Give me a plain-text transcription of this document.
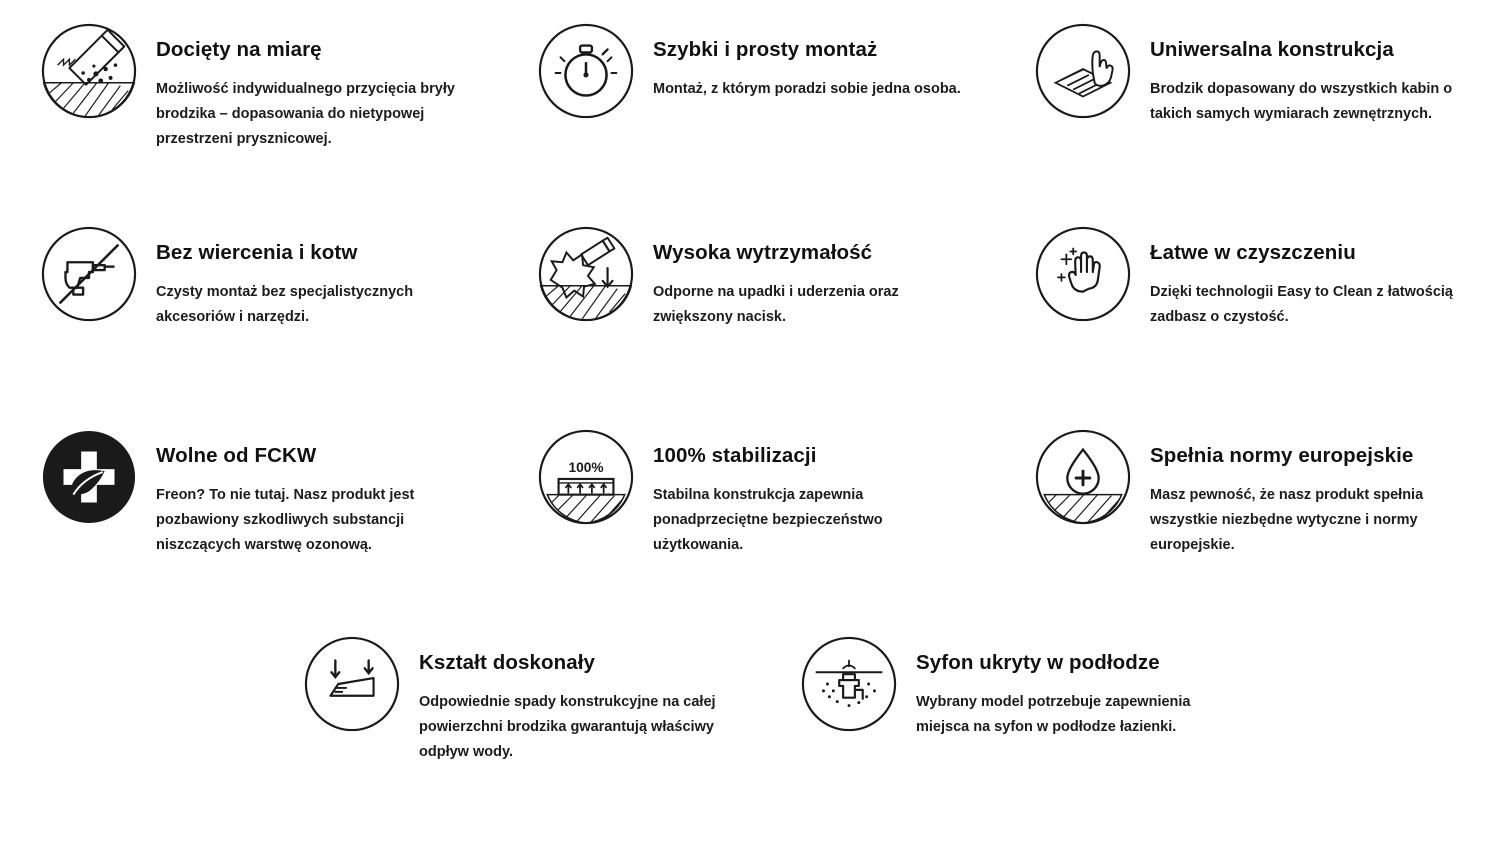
Docięty na miarę

Możliwość indywidualnego przycięcia bryły brodzika – dopasowania do nietypowej przestrzeni prysznicowej.

Szybki i prosty montaż

Montaż, z którym poradzi sobie jedna osoba.

Uniwersalna konstrukcja

Brodzik dopasowany do wszystkich kabin o takich samych wymiarach zewnętrznych.

Bez wiercenia i kotw

Czysty montaż bez specjalistycznych akcesoriów i narzędzi.

Wysoka wytrzymałość

Odporne na upadki i uderzenia oraz zwiększony nacisk.

Łatwe w czyszczeniu

Dzięki technologii Easy to Clean z łatwością zadbasz o czystość.

Wolne od FCKW

Freon? To nie tutaj. Nasz produkt jest pozbawiony szkodliwych substancji niszczących warstwę ozonową.

100%

100% stabilizacji

Stabilna konstrukcja zapewnia ponadprzeciętne bezpieczeństwo użytkowania.

Spełnia normy europejskie

Masz pewność, że nasz produkt spełnia wszystkie niezbędne wytyczne i normy europejskie.

Kształt doskonały

Odpowiednie spady konstrukcyjne na całej powierzchni brodzika gwarantują właściwy odpływ wody.

Syfon ukryty w podłodze

Wybrany model potrzebuje zapewnienia miejsca na syfon w podłodze łazienki.
